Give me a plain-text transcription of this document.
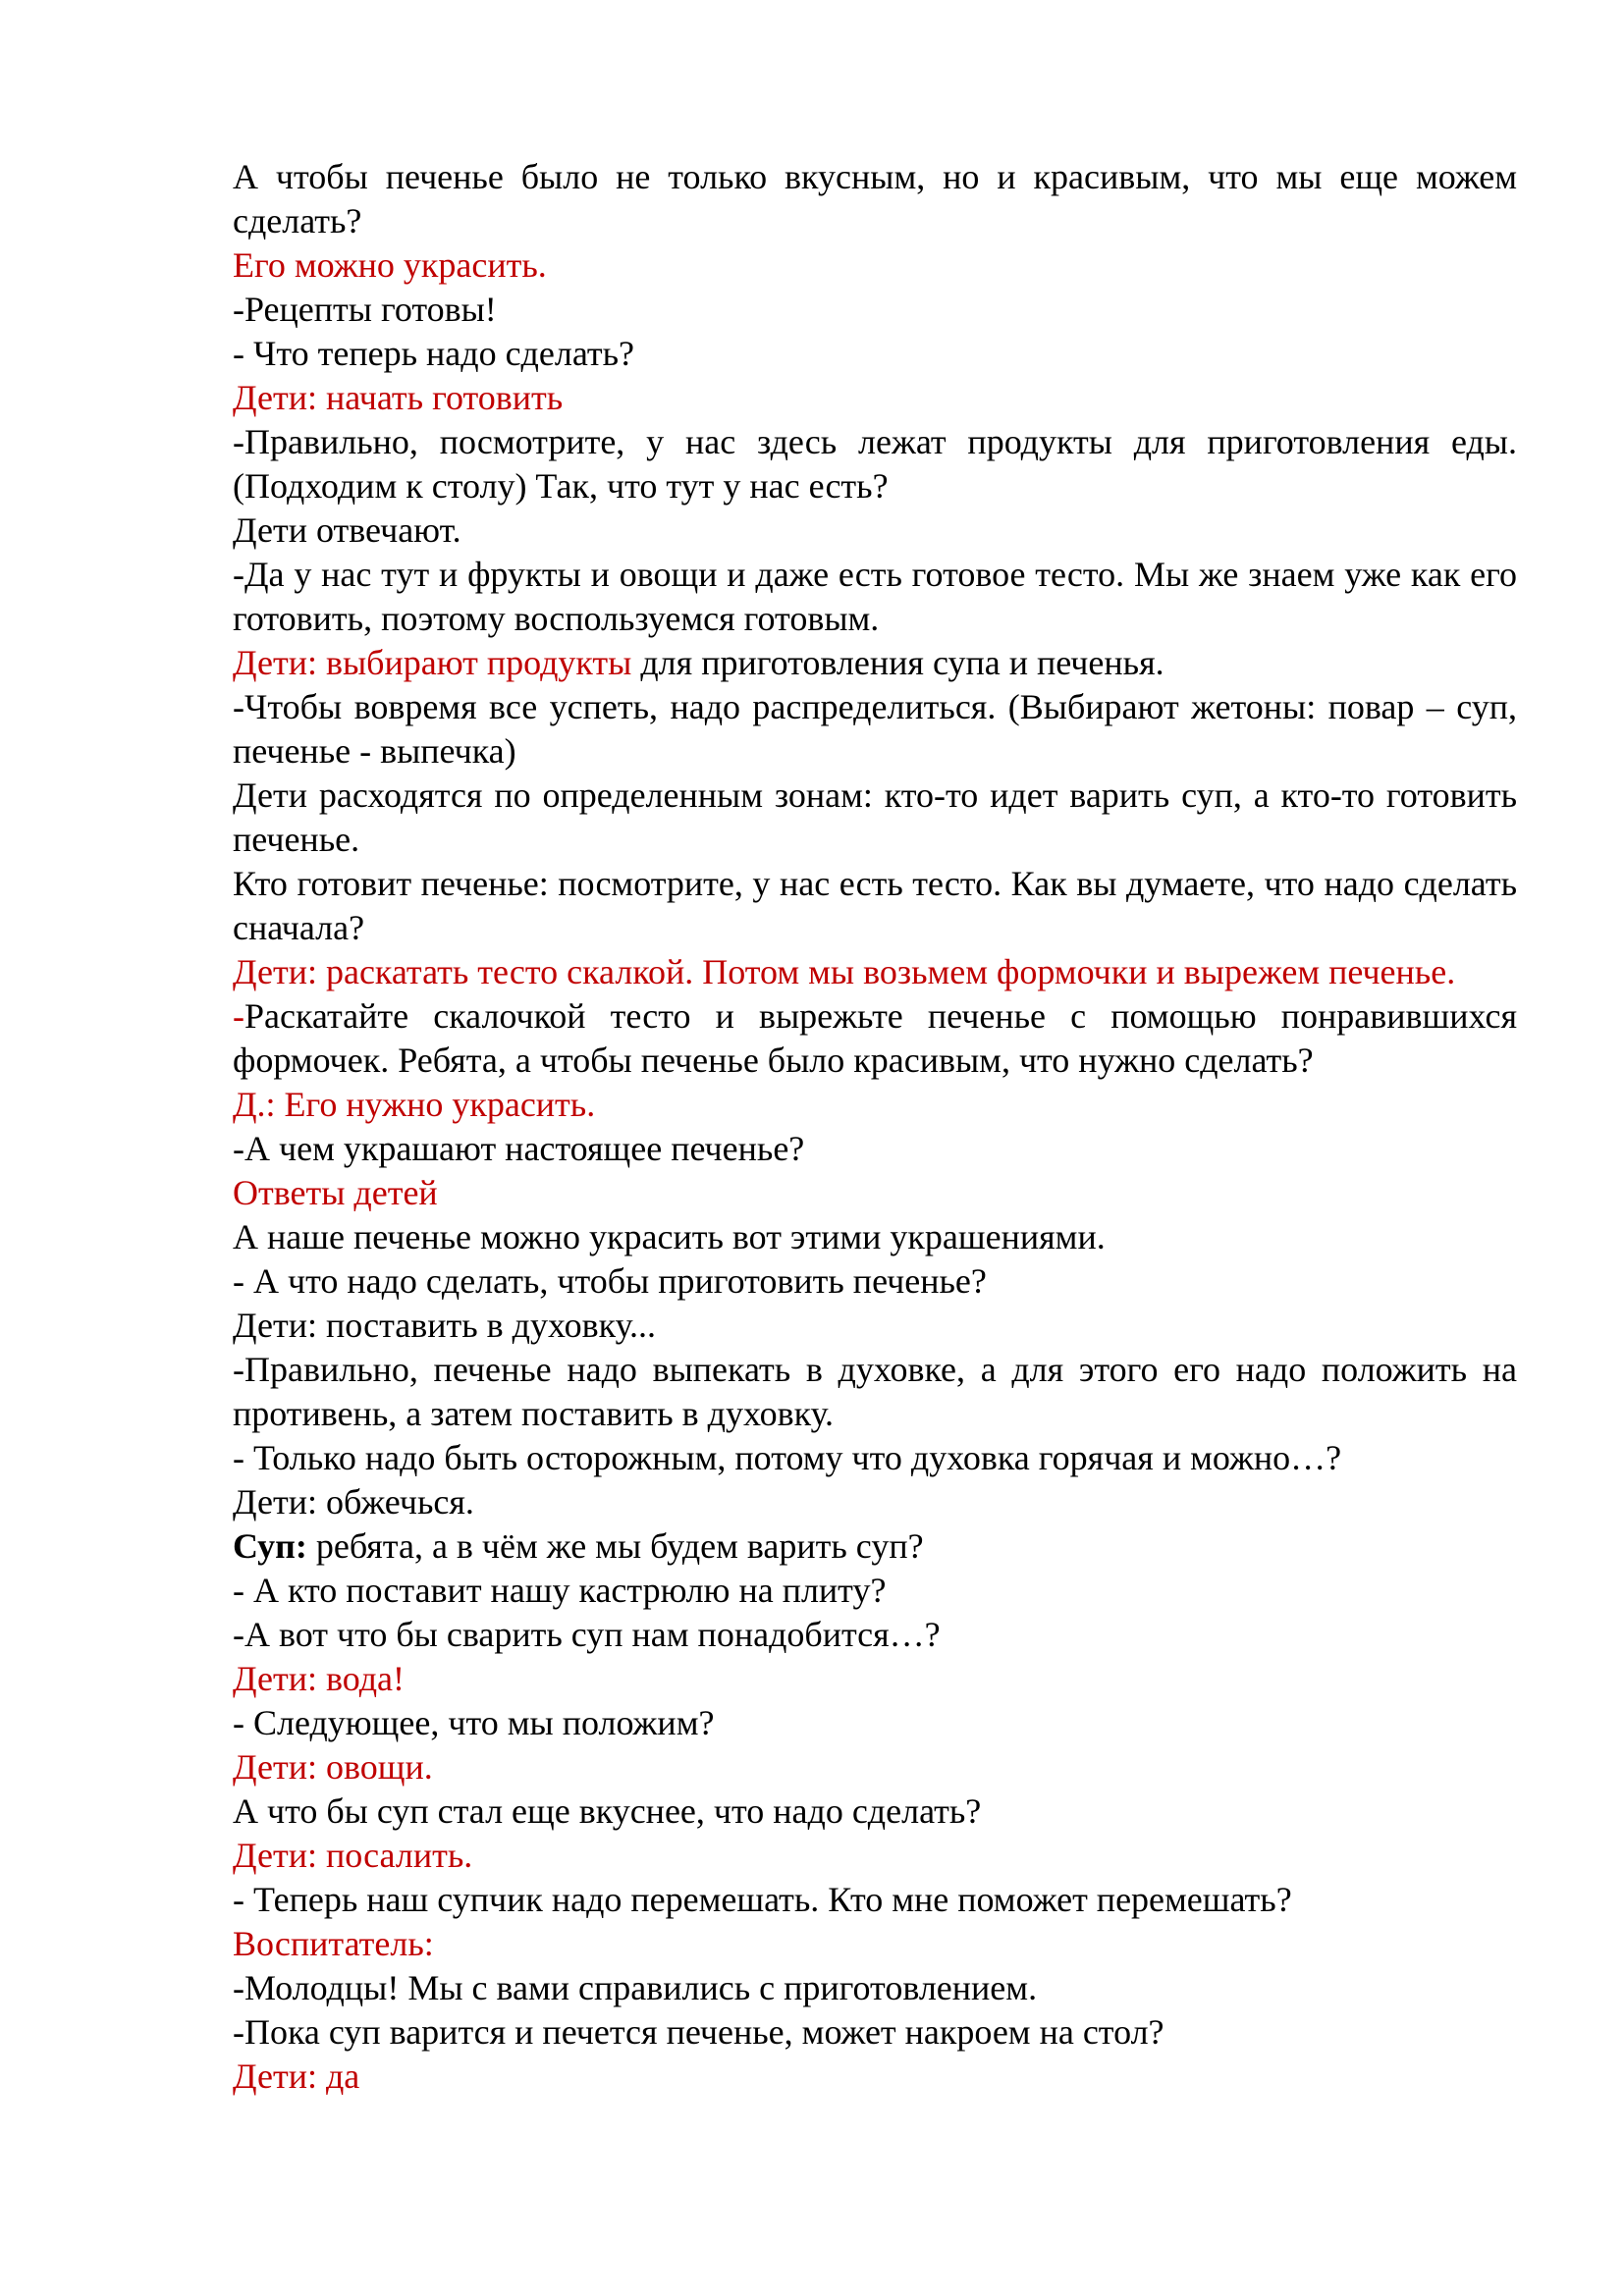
А чтобы печенье было не только вкусным, но и красивым, что мы еще можем сделать?

Его можно украсить.

-Рецепты готовы!

- Что теперь надо сделать?

Дети: начать готовить

-Правильно, посмотрите, у нас здесь лежат продукты для приготовления еды.(Подходим к столу) Так, что тут у нас есть?

Дети отвечают.

-Да у нас тут и фрукты и овощи и даже есть готовое тесто. Мы же знаем уже как его готовить, поэтому воспользуемся готовым.

Дети: выбирают продукты для приготовления супа и печенья.

-Чтобы вовремя все успеть, надо распределиться. (Выбирают жетоны: повар – суп, печенье - выпечка)

Дети расходятся по определенным зонам: кто-то идет варить суп, а кто-то готовить печенье.

Кто готовит печенье: посмотрите, у нас есть тесто. Как вы думаете, что надо сделать сначала?

Дети: раскатать тесто скалкой. Потом мы возьмем формочки и вырежем печенье.

-Раскатайте скалочкой тесто и вырежьте печенье с помощью понравившихся формочек. Ребята, а чтобы печенье было красивым, что нужно сделать?

Д.: Его нужно украсить.

-А чем украшают настоящее печенье?

Ответы детей

А наше печенье можно украсить вот этими украшениями.

- А что надо сделать, чтобы приготовить печенье?

Дети: поставить в духовку...

-Правильно, печенье надо выпекать в духовке, а для этого его надо положить на противень, а затем поставить в духовку.

- Только надо быть осторожным, потому что духовка горячая и можно…?

Дети: обжечься.

Суп: ребята, а в чём же мы будем варить суп?

- А кто поставит нашу кастрюлю на плиту?

-А вот что бы сварить суп нам понадобится…?

Дети: вода!

- Следующее, что мы положим?

Дети: овощи.

А что бы суп стал еще вкуснее, что надо сделать?

Дети: посалить.

- Теперь наш супчик надо перемешать. Кто мне поможет перемешать?

Воспитатель:

-Молодцы! Мы с вами справились с приготовлением.

-Пока суп варится и печется печенье, может накроем на стол?

Дети: да
